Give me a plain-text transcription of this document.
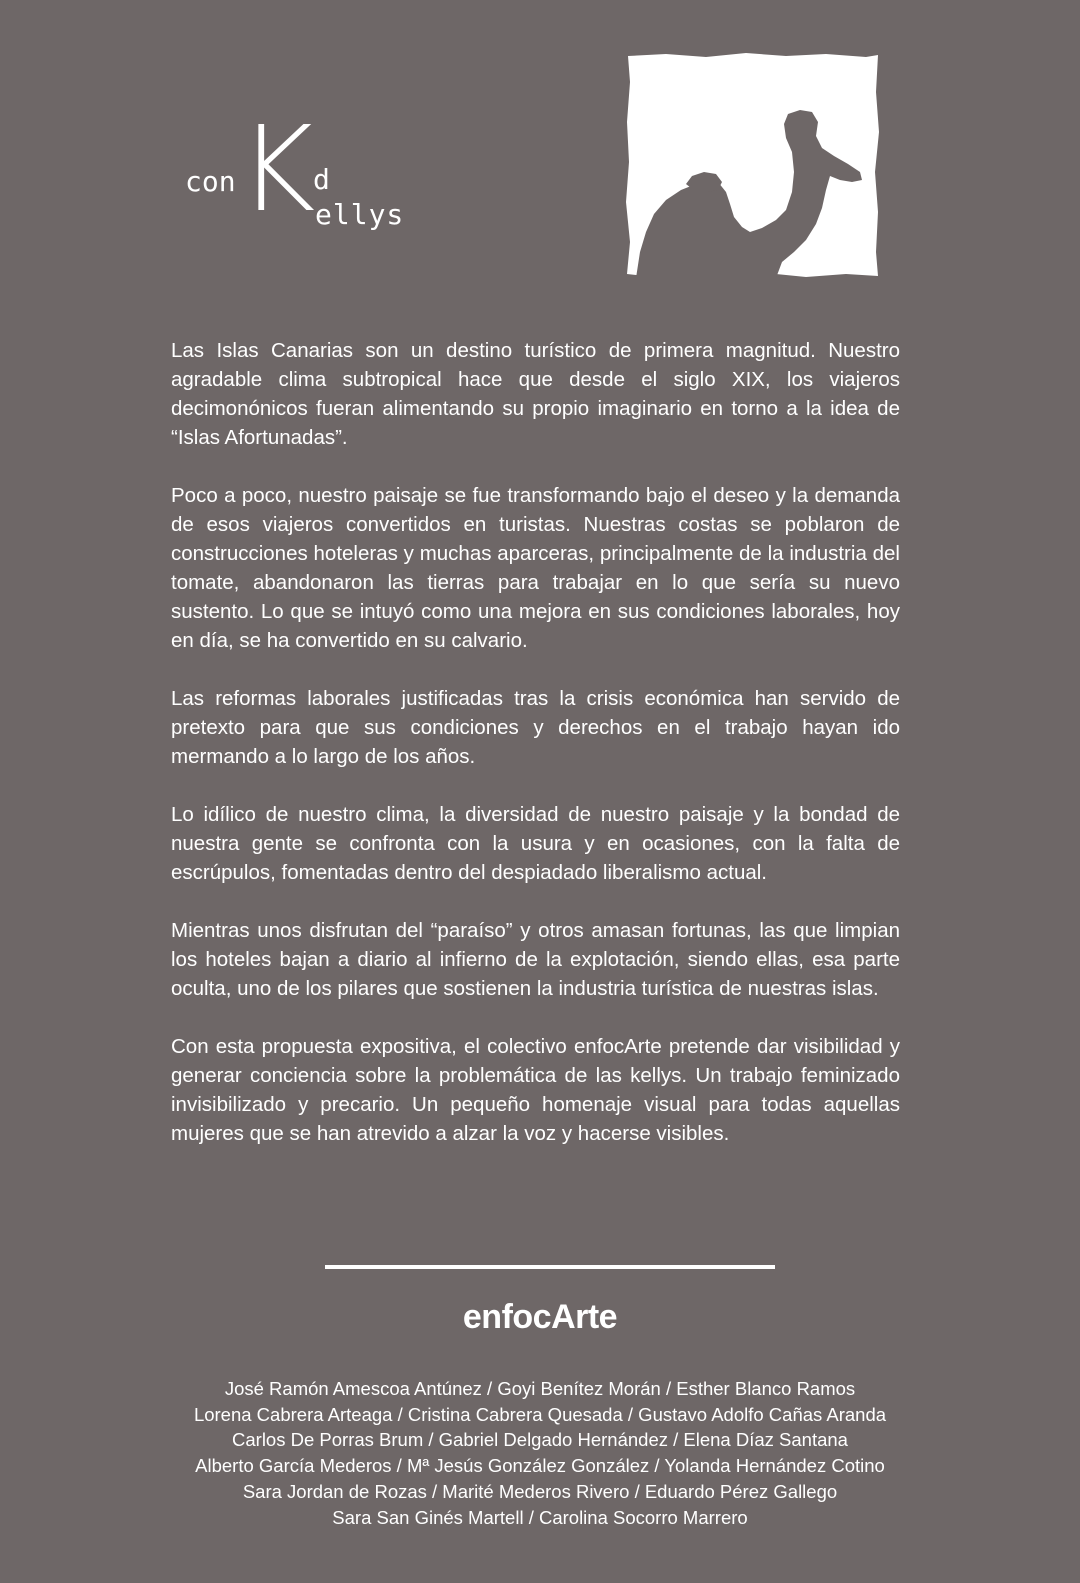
con K d
ellys

Las Islas Canarias son un destino turístico de primera magnitud. Nuestro agradable clima subtropical hace que desde el siglo XIX, los viajeros decimonónicos fueran alimentando su propio imaginario en torno a la idea de “Islas Afortunadas”.

Poco a poco, nuestro paisaje se fue transformando bajo el deseo y la demanda de esos viajeros convertidos en turistas. Nuestras costas se poblaron de construcciones hoteleras y muchas aparceras, principalmente de la industria del tomate, abandonaron las tierras para trabajar en lo que sería su nuevo sustento. Lo que se intuyó como una mejora en sus condiciones laborales, hoy en día, se ha convertido en su calvario.

Las reformas laborales justificadas tras la crisis económica han servido de pretexto para que sus condiciones y derechos en el trabajo hayan ido mermando a lo largo de los años.

Lo idílico de nuestro clima, la diversidad de nuestro paisaje y la bondad de nuestra gente se confronta con la usura y en ocasiones, con la falta de escrúpulos, fomentadas dentro del despiadado liberalismo actual.

Mientras unos disfrutan del “paraíso” y otros amasan fortunas, las que limpian los hoteles bajan a diario al infierno de la explotación, siendo ellas, esa parte oculta, uno de los pilares que sostienen la industria turística de nuestras islas.

Con esta propuesta expositiva, el colectivo enfocArte pretende dar visibilidad y generar conciencia sobre la problemática de las kellys. Un trabajo feminizado invisibilizado y precario. Un pequeño homenaje visual para todas aquellas mujeres que se han atrevido a alzar la voz y hacerse visibles.

enfocArte
José Ramón Amescoa Antúnez / Goyi Benítez Morán / Esther Blanco Ramos
Lorena Cabrera Arteaga / Cristina Cabrera Quesada / Gustavo Adolfo Cañas Aranda
Carlos De Porras Brum / Gabriel Delgado Hernández / Elena Díaz Santana
Alberto García Mederos / Mª Jesús González González / Yolanda Hernández Cotino
Sara Jordan de Rozas / Marité Mederos Rivero / Eduardo Pérez Gallego
Sara San Ginés Martell / Carolina Socorro Marrero
